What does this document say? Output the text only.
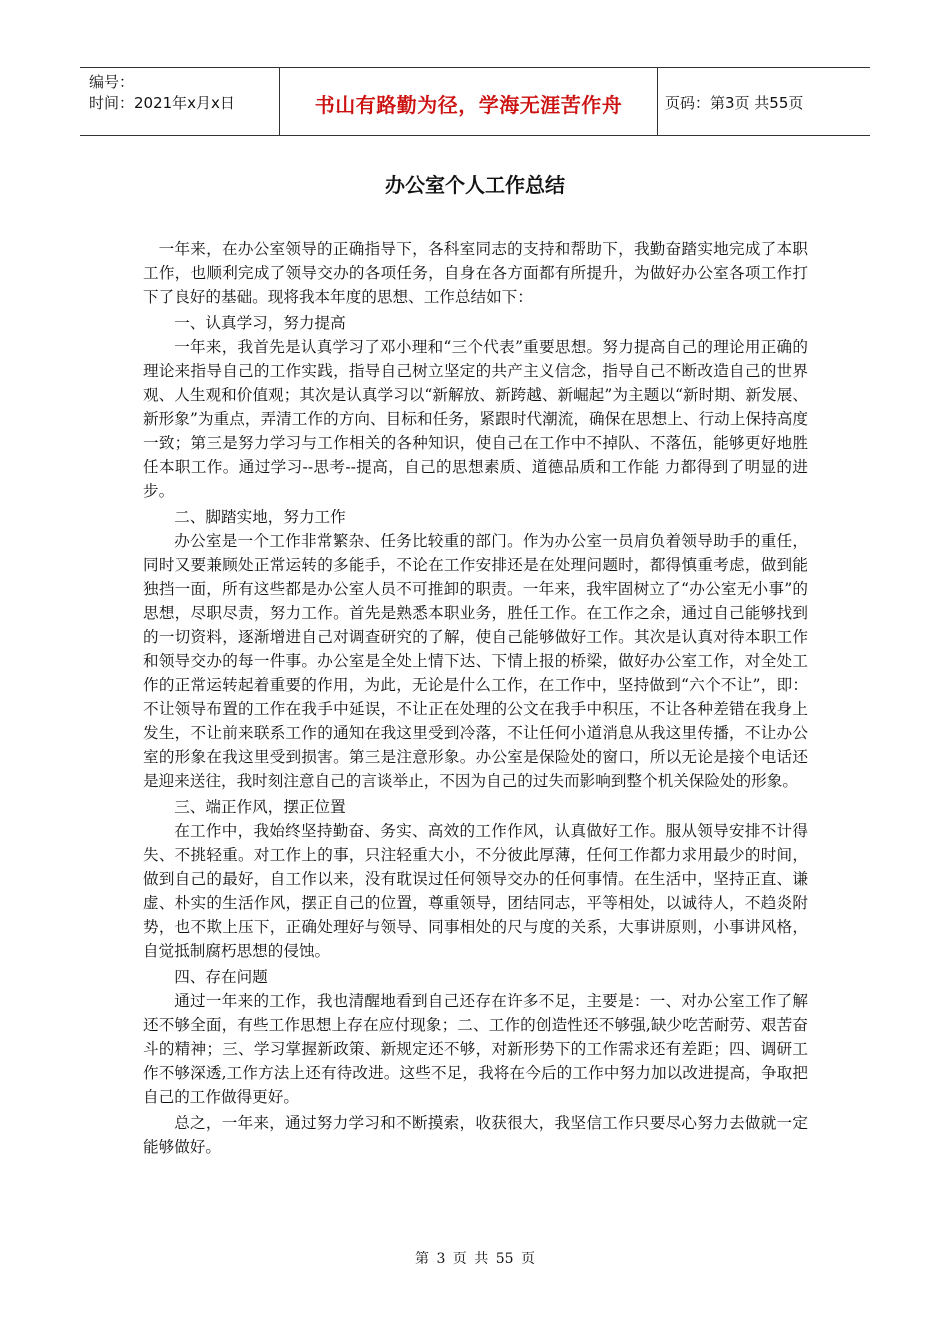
编号：
时间：2021年x月x日	书山有路勤为径，学海无涯苦作舟	页码：第3页 共55页
办公室个人工作总结

一年来，在办公室领导的正确指导下，各科室同志的支持和帮助下，我勤奋踏实地完成了本职工作，也顺利完成了领导交办的各项任务，自身在各方面都有所提升，为做好办公室各项工作打下了良好的基础。现将我本年度的思想、工作总结如下：

一、认真学习，努力提高

一年来，我首先是认真学习了邓小理和“三个代表”重要思想。努力提高自己的理论用正确的理论来指导自己的工作实践，指导自己树立坚定的共产主义信念，指导自己不断改造自己的世界观、人生观和价值观；其次是认真学习以“新解放、新跨越、新崛起”为主题以“新时期、新发展、新形象”为重点，弄清工作的方向、目标和任务，紧跟时代潮流，确保在思想上、行动上保持高度一致；第三是努力学习与工作相关的各种知识，使自己在工作中不掉队、不落伍，能够更好地胜任本职工作。通过学习--思考--提高，自己的思想素质、道德品质和工作能 力都得到了明显的进步。

二、脚踏实地，努力工作

办公室是一个工作非常繁杂、任务比较重的部门。作为办公室一员肩负着领导助手的重任，同时又要兼顾处正常运转的多能手，不论在工作安排还是在处理问题时，都得慎重考虑，做到能独挡一面，所有这些都是办公室人员不可推卸的职责。一年来，我牢固树立了“办公室无小事”的思想，尽职尽责，努力工作。首先是熟悉本职业务，胜任工作。在工作之余，通过自己能够找到的一切资料，逐渐增进自己对调查研究的了解，使自己能够做好工作。其次是认真对待本职工作和领导交办的每一件事。办公室是全处上情下达、下情上报的桥梁，做好办公室工作，对全处工作的正常运转起着重要的作用，为此，无论是什么工作，在工作中，坚持做到“六个不让”，即：不让领导布置的工作在我手中延误，不让正在处理的公文在我手中积压，不让各种差错在我身上发生，不让前来联系工作的通知在我这里受到冷落，不让任何小道消息从我这里传播，不让办公室的形象在我这里受到损害。第三是注意形象。办公室是保险处的窗口，所以无论是接个电话还是迎来送往，我时刻注意自己的言谈举止，不因为自己的过失而影响到整个机关保险处的形象。

三、端正作风，摆正位置

在工作中，我始终坚持勤奋、务实、高效的工作作风，认真做好工作。服从领导安排不计得失、不挑轻重。对工作上的事，只注轻重大小，不分彼此厚薄，任何工作都力求用最少的时间，做到自己的最好，自工作以来，没有耽误过任何领导交办的任何事情。在生活中，坚持正直、谦虚、朴实的生活作风，摆正自己的位置，尊重领导，团结同志，平等相处，以诚待人，不趋炎附势，也不欺上压下，正确处理好与领导、同事相处的尺与度的关系，大事讲原则，小事讲风格，自觉抵制腐朽思想的侵蚀。

四、存在问题

通过一年来的工作，我也清醒地看到自己还存在许多不足，主要是：一、对办公室工作了解还不够全面，有些工作思想上存在应付现象；二、工作的创造性还不够强,缺少吃苦耐劳、艰苦奋斗的精神；三、学习掌握新政策、新规定还不够，对新形势下的工作需求还有差距；四、调研工作不够深透,工作方法上还有待改进。这些不足，我将在今后的工作中努力加以改进提高，争取把自己的工作做得更好。

总之，一年来，通过努力学习和不断摸索，收获很大，我坚信工作只要尽心努力去做就一定能够做好。

第 3 页 共 55 页
